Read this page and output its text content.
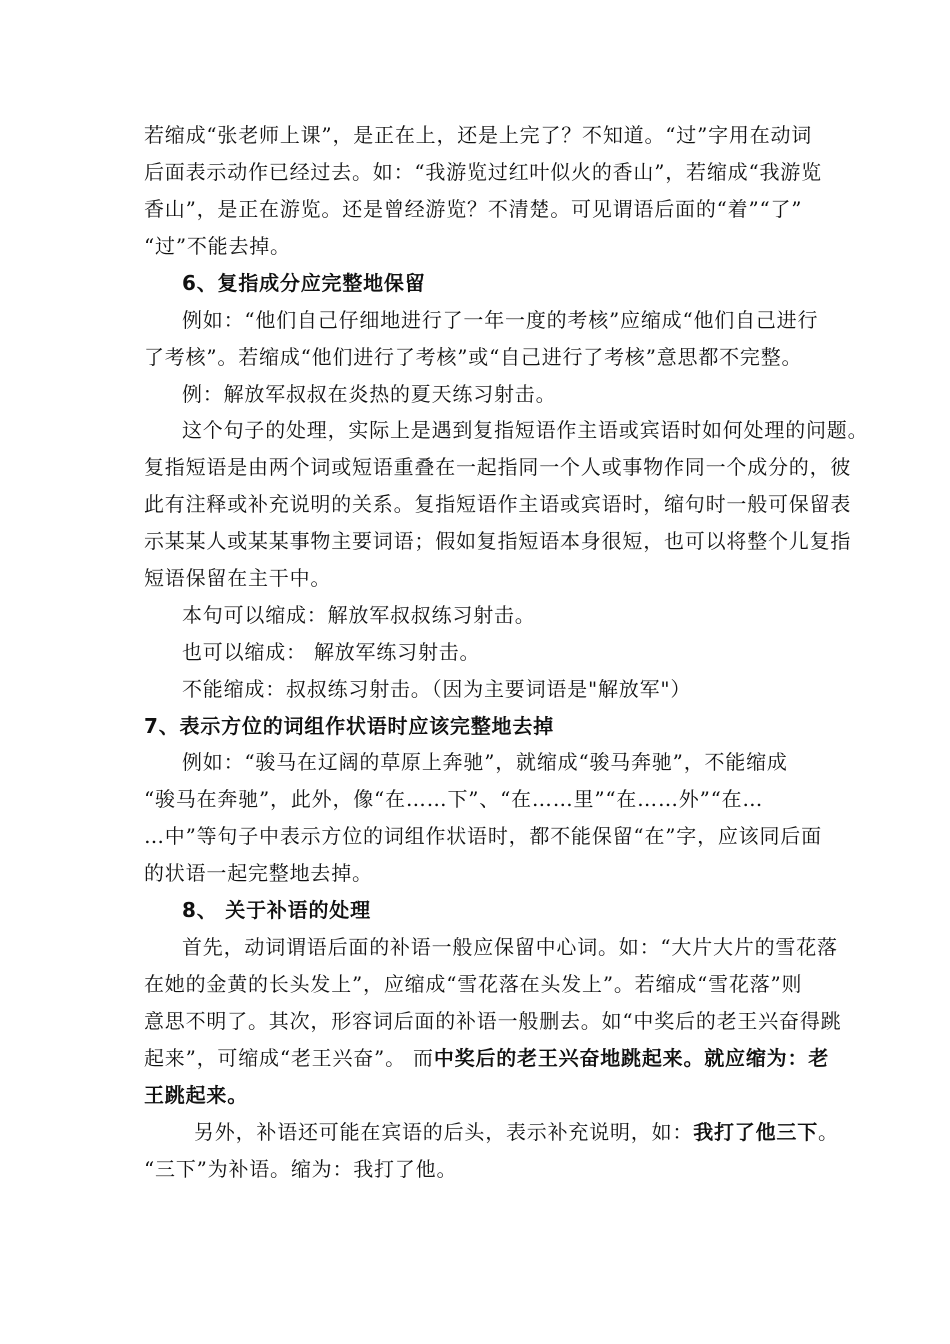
若缩成“张老师上课”，是正在上，还是上完了？不知道。“过”字用在动词
后面表示动作已经过去。如：“我游览过红叶似火的香山”，若缩成“我游览
香山”，是正在游览。还是曾经游览？不清楚。可见谓语后面的“着”“了”
“过”不能去掉。
6、复指成分应完整地保留
例如：“他们自己仔细地进行了一年一度的考核”应缩成“他们自己进行
了考核”。若缩成“他们进行了考核”或“自己进行了考核”意思都不完整。
例：解放军叔叔在炎热的夏天练习射击。
这个句子的处理，实际上是遇到复指短语作主语或宾语时如何处理的问题。
复指短语是由两个词或短语重叠在一起指同一个人或事物作同一个成分的，彼
此有注释或补充说明的关系。复指短语作主语或宾语时，缩句时一般可保留表
示某某人或某某事物主要词语；假如复指短语本身很短，也可以将整个儿复指
短语保留在主干中。
本句可以缩成：解放军叔叔练习射击。
也可以缩成： 解放军练习射击。
不能缩成：叔叔练习射击。（因为主要词语是"解放军"）
7、表示方位的词组作状语时应该完整地去掉
例如：“骏马在辽阔的草原上奔驰”，就缩成“骏马奔驰”，不能缩成
“骏马在奔驰”，此外，像“在……下”、“在……里”“在……外”“在…
…中”等句子中表示方位的词组作状语时，都不能保留“在”字，应该同后面
的状语一起完整地去掉。
8、 关于补语的处理
首先，动词谓语后面的补语一般应保留中心词。如：“大片大片的雪花落
在她的金黄的长头发上”，应缩成“雪花落在头发上”。若缩成“雪花落”则
意思不明了。其次，形容词后面的补语一般删去。如“中奖后的老王兴奋得跳
起来”，可缩成“老王兴奋”。 而中奖后的老王兴奋地跳起来。就应缩为：老
王跳起来。
另外，补语还可能在宾语的后头，表示补充说明，如：我打了他三下。
“三下”为补语。缩为：我打了他。
